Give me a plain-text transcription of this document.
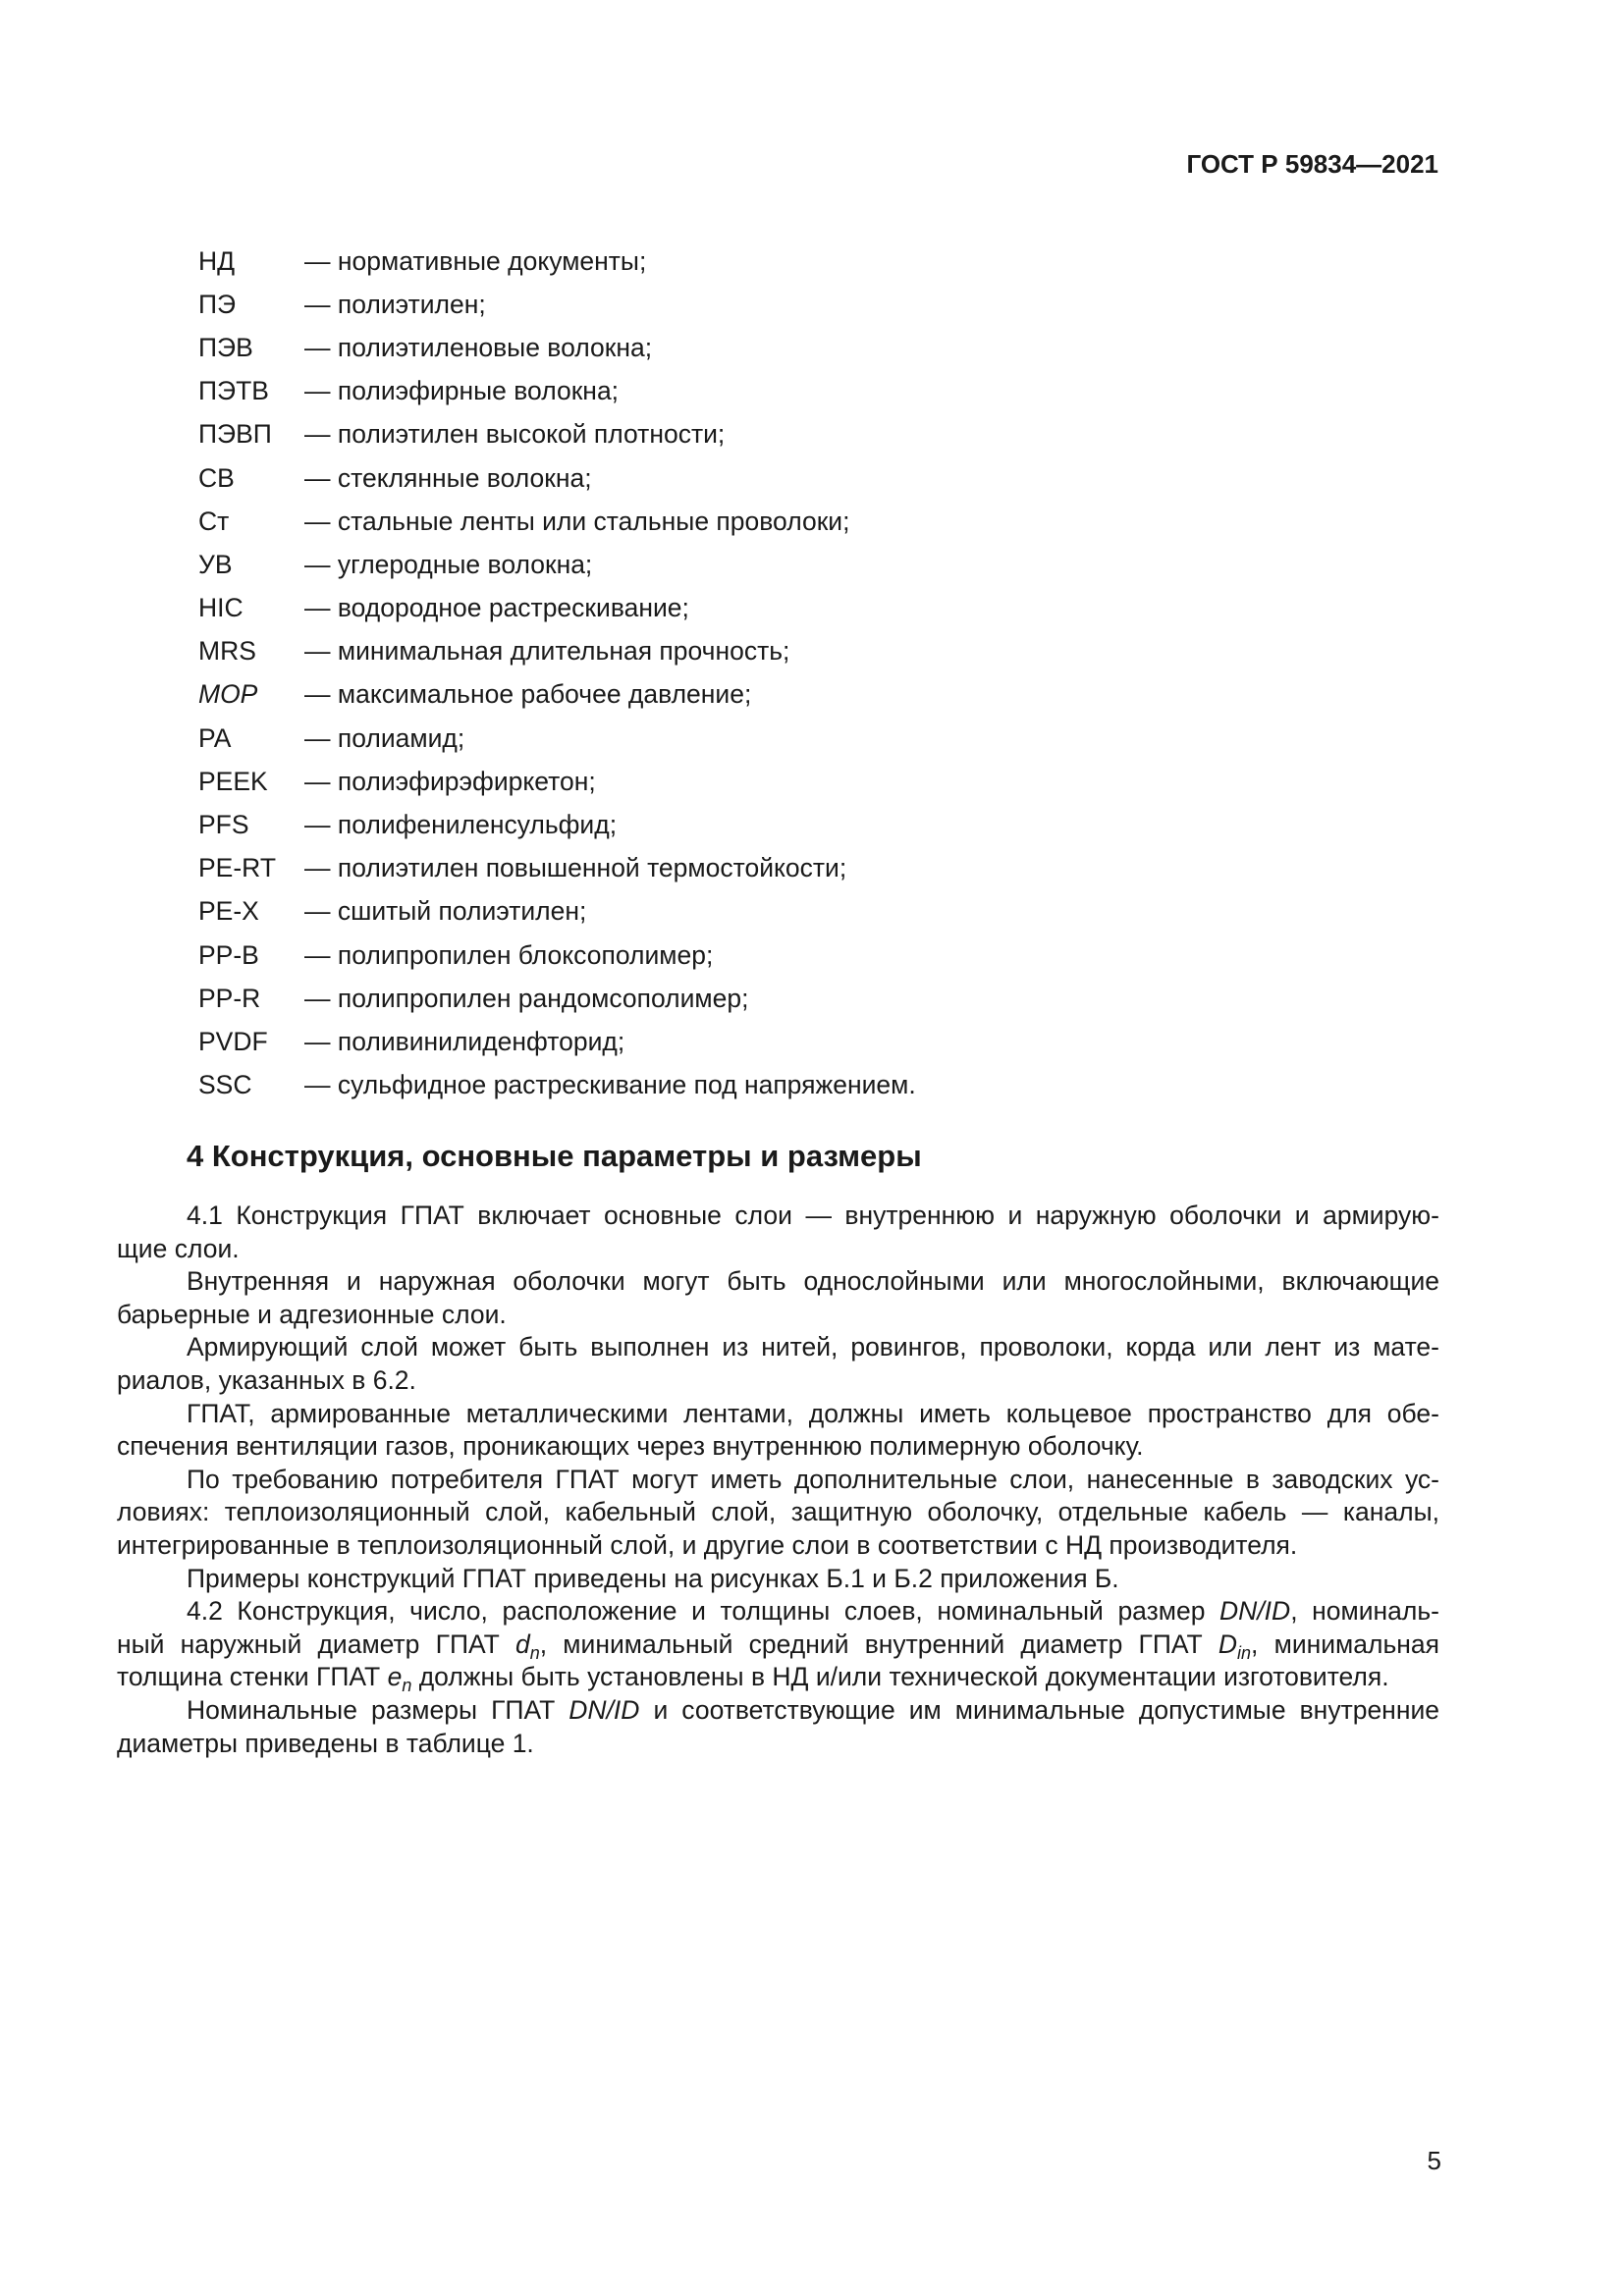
ГОСТ Р 59834—2021
НД	— нормативные документы;
ПЭ	— полиэтилен;
ПЭВ	— полиэтиленовые волокна;
ПЭТВ	— полиэфирные волокна;
ПЭВП	— полиэтилен высокой плотности;
СВ	— стеклянные волокна;
Ст	— стальные ленты или стальные проволоки;
УВ	— углеродные волокна;
HIC	— водородное растрескивание;
MRS	— минимальная длительная прочность;
МОР	— максимальное рабочее давление;
PA	— полиамид;
PEEK	— полиэфирэфиркетон;
PFS	— полифениленсульфид;
PE-RT	— полиэтилен повышенной термостойкости;
PE-X	— сшитый полиэтилен;
PP-B	— полипропилен блоксополимер;
PP-R	— полипропилен рандомсополимер;
PVDF	— поливинилиденфторид;
SSC	— сульфидное растрескивание под напряжением.
4 Конструкция, основные параметры и размеры
4.1 Конструкция ГПАТ включает основные слои — внутреннюю и наружную оболочки и армирую-
щие слои.
Внутренняя и наружная оболочки могут быть однослойными или многослойными, включающие
барьерные и адгезионные слои.
Армирующий слой может быть выполнен из нитей, ровингов, проволоки, корда или лент из мате-
риалов, указанных в 6.2.
ГПАТ, армированные металлическими лентами, должны иметь кольцевое пространство для обе-
спечения вентиляции газов, проникающих через внутреннюю полимерную оболочку.
По требованию потребителя ГПАТ могут иметь дополнительные слои, нанесенные в заводских ус-
ловиях: теплоизоляционный слой, кабельный слой, защитную оболочку, отдельные кабель — каналы,
интегрированные в теплоизоляционный слой, и другие слои в соответствии с НД производителя.
Примеры конструкций ГПАТ приведены на рисунках Б.1 и Б.2 приложения Б.
4.2 Конструкция, число, расположение и толщины слоев, номинальный размер DN/ID, номиналь-
ный наружный диаметр ГПАТ $d_n$, минимальный средний внутренний диаметр ГПАТ $D_{in}$, минимальная
толщина стенки ГПАТ $e_n$ должны быть установлены в НД и/или технической документации изготовителя.
Номинальные размеры ГПАТ DN/ID и соответствующие им минимальные допустимые внутренние
диаметры приведены в таблице 1.
5
